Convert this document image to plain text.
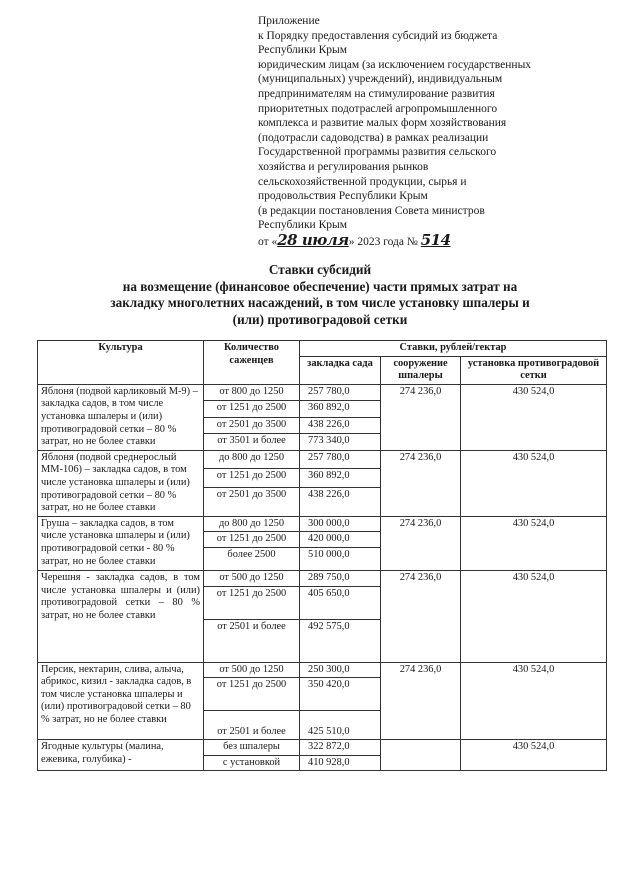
Приложение
к Порядку предоставления субсидий из бюджета
Республики Крым
юридическим лицам (за исключением государственных
(муниципальных) учреждений), индивидуальным
предпринимателям на стимулирование развития
приоритетных подотраслей агропромышленного
комплекса и развитие малых форм хозяйствования
(подотрасли садоводства) в рамках реализации
Государственной программы развития сельского
хозяйства и регулирования рынков
сельскохозяйственной продукции, сырья и
продовольствия Республики Крым
(в редакции постановления Совета министров
Республики Крым
от «28 июля» 2023 года № 514
Ставки субсидий
на возмещение (финансовое обеспечение) части прямых затрат на
закладку многолетних насаждений, в том числе установку шпалеры и
(или) противоградовой сетки
Культура	Количество саженцев	Ставки, рублей/гектар		
		закладка сада	сооружение шпалеры	установка противоградовой сетки
Яблоня (подвой карликовый М-9) – закладка садов, в том числе установка шпалеры и (или) противоградовой сетки – 80 % затрат, но не более ставки	от 800 до 1250	257 780,0	274 236,0	430 524,0
	от 1251 до 2500	360 892,0		
	от 2501 до 3500	438 226,0		
	от 3501 и более	773 340,0		
Яблоня (подвой среднерослый ММ-106) – закладка садов, в том числе установка шпалеры и (или) противоградовой сетки – 80 % затрат, но не более ставки	до 800 до 1250	257 780,0	274 236,0	430 524,0
	от 1251 до 2500	360 892,0		
	от 2501 до 3500	438 226,0		
Груша – закладка садов, в том числе установка шпалеры и (или) противоградовой сетки - 80 % затрат, но не более ставки	до 800 до 1250	300 000,0	274 236,0	430 524,0
	от 1251 до 2500	420 000,0		
	более 2500	510 000,0		
Черешня - закладка садов, в том числе установка шпалеры и (или) противоградовой сетки – 80 % затрат, но не более ставки	от 500 до 1250	289 750,0	274 236,0	430 524,0
	от 1251 до 2500	405 650,0		
	от 2501 и более	492 575,0		
Персик, нектарин, слива, алыча, абрикос, кизил - закладка садов, в том числе установка шпалеры и (или) противоградовой сетки – 80 % затрат, но не более ставки	от 500 до 1250	250 300,0	274 236,0	430 524,0
	от 1251 до 2500	350 420,0		
	от 2501 и более	425 510,0		
Ягодные культуры (малина, ежевика, голубика) -	без шпалеры	322 872,0		430 524,0
	с установкой	410 928,0		
